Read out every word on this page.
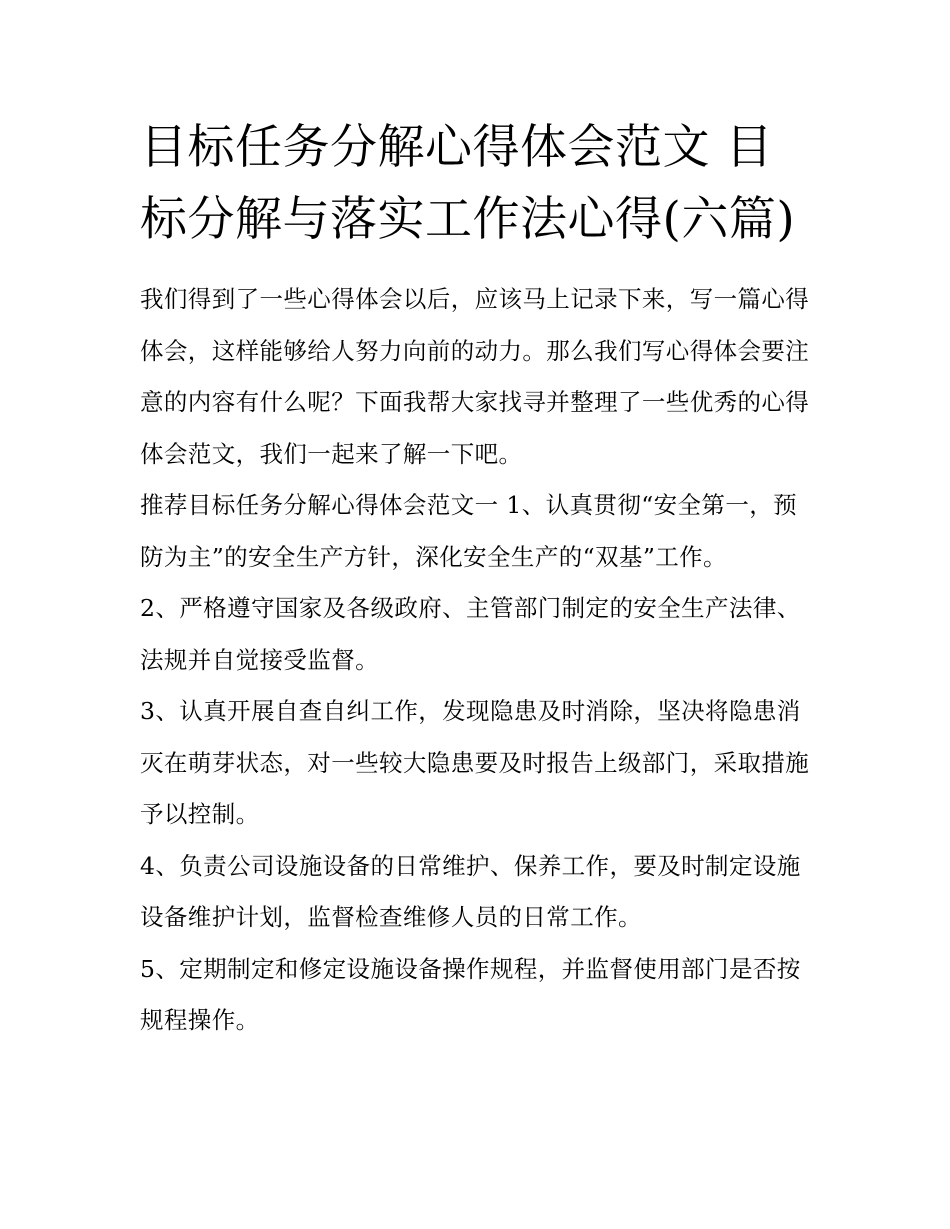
目标任务分解心得体会范文 目标分解与落实工作法心得(六篇)

我们得到了一些心得体会以后，应该马上记录下来，写一篇心得体会，这样能够给人努力向前的动力。那么我们写心得体会要注意的内容有什么呢？下面我帮大家找寻并整理了一些优秀的心得体会范文，我们一起来了解一下吧。

推荐目标任务分解心得体会范文一 1、认真贯彻“安全第一，预防为主”的安全生产方针，深化安全生产的“双基”工作。

2、严格遵守国家及各级政府、主管部门制定的安全生产法律、法规并自觉接受监督。

3、认真开展自查自纠工作，发现隐患及时消除，坚决将隐患消灭在萌芽状态，对一些较大隐患要及时报告上级部门，采取措施予以控制。

4、负责公司设施设备的日常维护、保养工作，要及时制定设施设备维护计划，监督检查维修人员的日常工作。

5、定期制定和修定设施设备操作规程，并监督使用部门是否按规程操作。
